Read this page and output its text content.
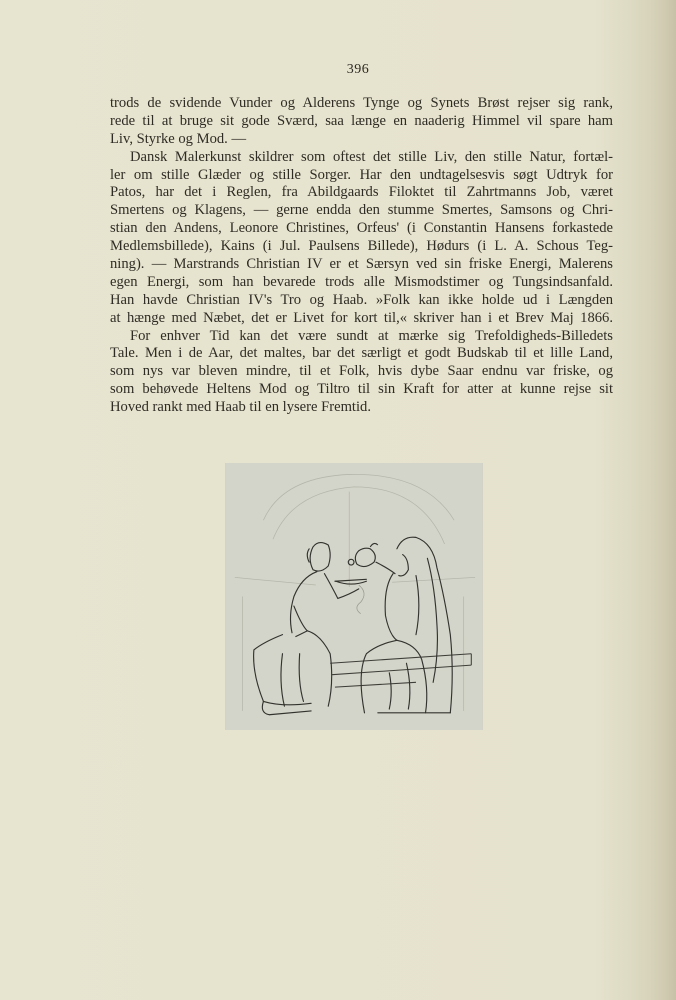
396
trods de svidende Vunder og Alderens Tynge og Synets Brøst rejser sig rank,
rede til at bruge sit gode Sværd, saa længe en naaderig Himmel vil spare ham
Liv, Styrke og Mod. —
Dansk Malerkunst skildrer som oftest det stille Liv, den stille Natur, fortæl-
ler om stille Glæder og stille Sorger. Har den undtagelsesvis søgt Udtryk for
Patos, har det i Reglen, fra Abildgaards Filoktet til Zahrtmanns Job, været
Smertens og Klagens, — gerne endda den stumme Smertes, Samsons og Chri-
stian den Andens, Leonore Christines, Orfeus' (i Constantin Hansens forkastede
Medlemsbillede), Kains (i Jul. Paulsens Billede), Hødurs (i L. A. Schous Teg-
ning). — Marstrands Christian IV er et Særsyn ved sin friske Energi, Malerens
egen Energi, som han bevarede trods alle Mismodstimer og Tungsindsanfald.
Han havde Christian IV's Tro og Haab. »Folk kan ikke holde ud i Længden
at hænge med Næbet, det er Livet for kort til,« skriver han i et Brev Maj 1866.
For enhver Tid kan det være sundt at mærke sig Trefoldigheds-Billedets
Tale. Men i de Aar, det maltes, bar det særligt et godt Budskab til et lille Land,
som nys var bleven mindre, til et Folk, hvis dybe Saar endnu var friske, og
som behøvede Heltens Mod og Tiltro til sin Kraft for atter at kunne rejse sit
Hoved rankt med Haab til en lysere Fremtid.
